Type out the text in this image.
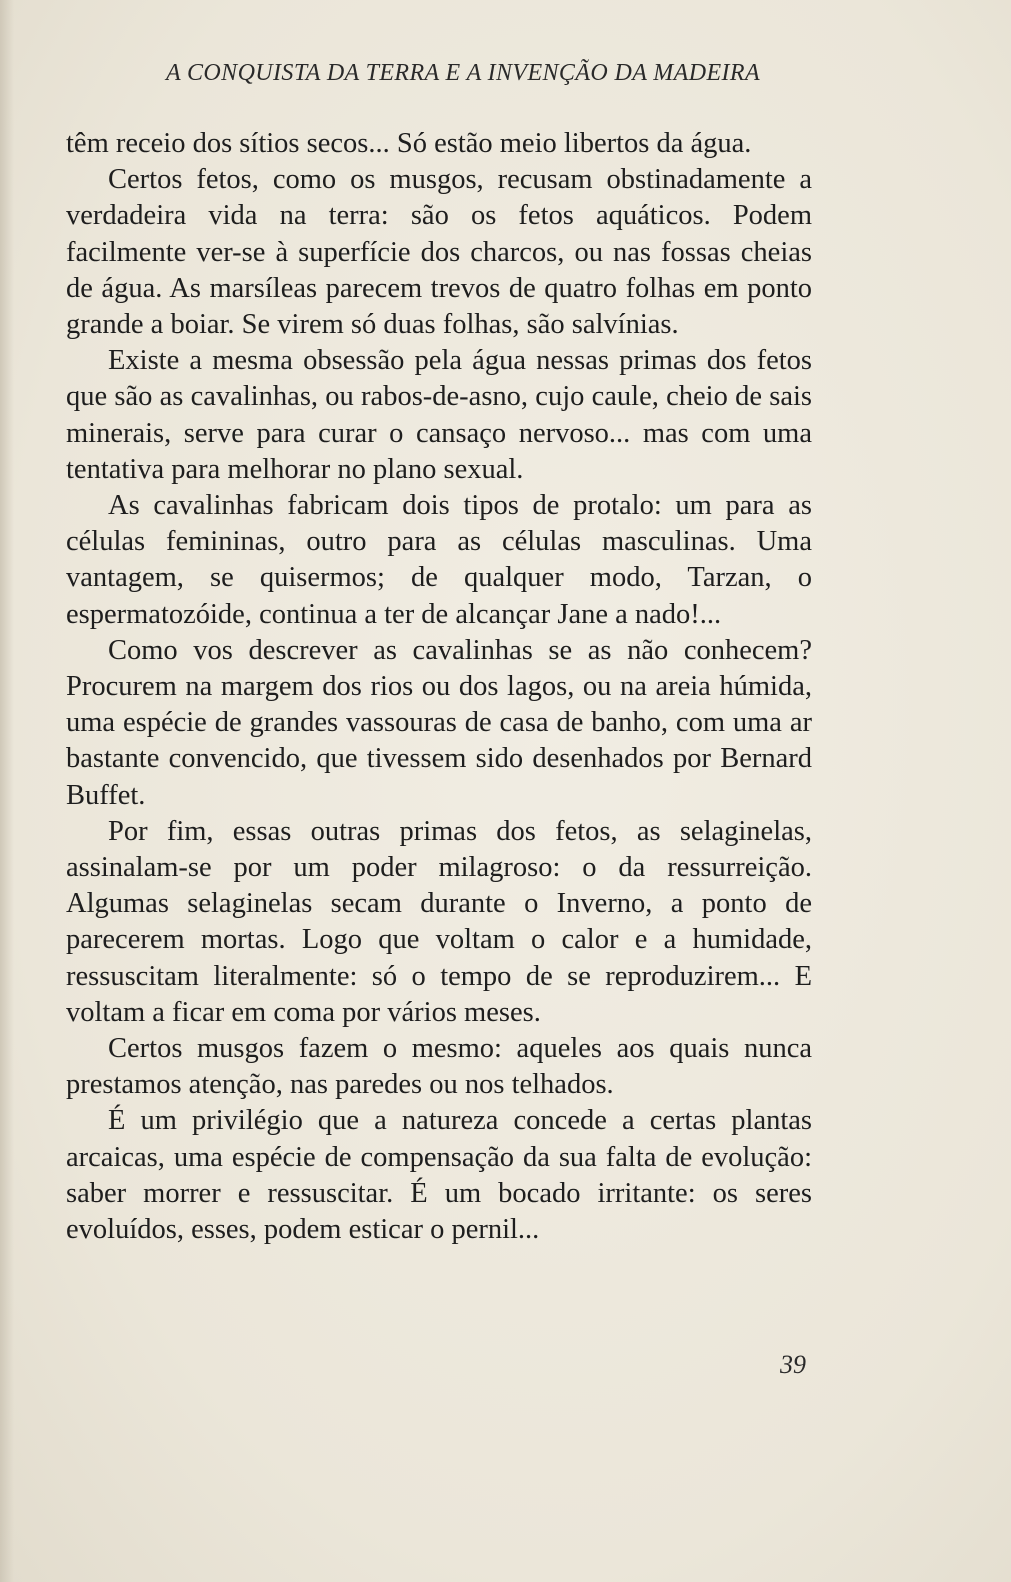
A CONQUISTA DA TERRA E A INVENÇÃO DA MADEIRA

têm receio dos sítios secos... Só estão meio libertos da água.

Certos fetos, como os musgos, recusam obstinadamente a verdadeira vida na terra: são os fetos aquáticos. Podem facilmente ver-se à superfície dos charcos, ou nas fossas cheias de água. As marsíleas parecem trevos de quatro folhas em ponto grande a boiar. Se virem só duas folhas, são salvínias.

Existe a mesma obsessão pela água nessas primas dos fetos que são as cavalinhas, ou rabos-de-asno, cujo caule, cheio de sais minerais, serve para curar o cansaço nervoso... mas com uma tentativa para melhorar no plano sexual.

As cavalinhas fabricam dois tipos de protalo: um para as células femininas, outro para as células masculinas. Uma vantagem, se quisermos; de qualquer modo, Tarzan, o espermatozóide, continua a ter de alcançar Jane a nado!...

Como vos descrever as cavalinhas se as não conhecem? Procurem na margem dos rios ou dos lagos, ou na areia húmida, uma espécie de grandes vassouras de casa de banho, com uma ar bastante convencido, que tivessem sido desenhados por Bernard Buffet.

Por fim, essas outras primas dos fetos, as selaginelas, assinalam-se por um poder milagroso: o da ressurreição. Algumas selaginelas secam durante o Inverno, a ponto de parecerem mortas. Logo que voltam o calor e a humidade, ressuscitam literalmente: só o tempo de se reproduzirem... E voltam a ficar em coma por vários meses.

Certos musgos fazem o mesmo: aqueles aos quais nunca prestamos atenção, nas paredes ou nos telhados.

É um privilégio que a natureza concede a certas plantas arcaicas, uma espécie de compensação da sua falta de evolução: saber morrer e ressuscitar. É um bocado irritante: os seres evoluídos, esses, podem esticar o pernil...

39
